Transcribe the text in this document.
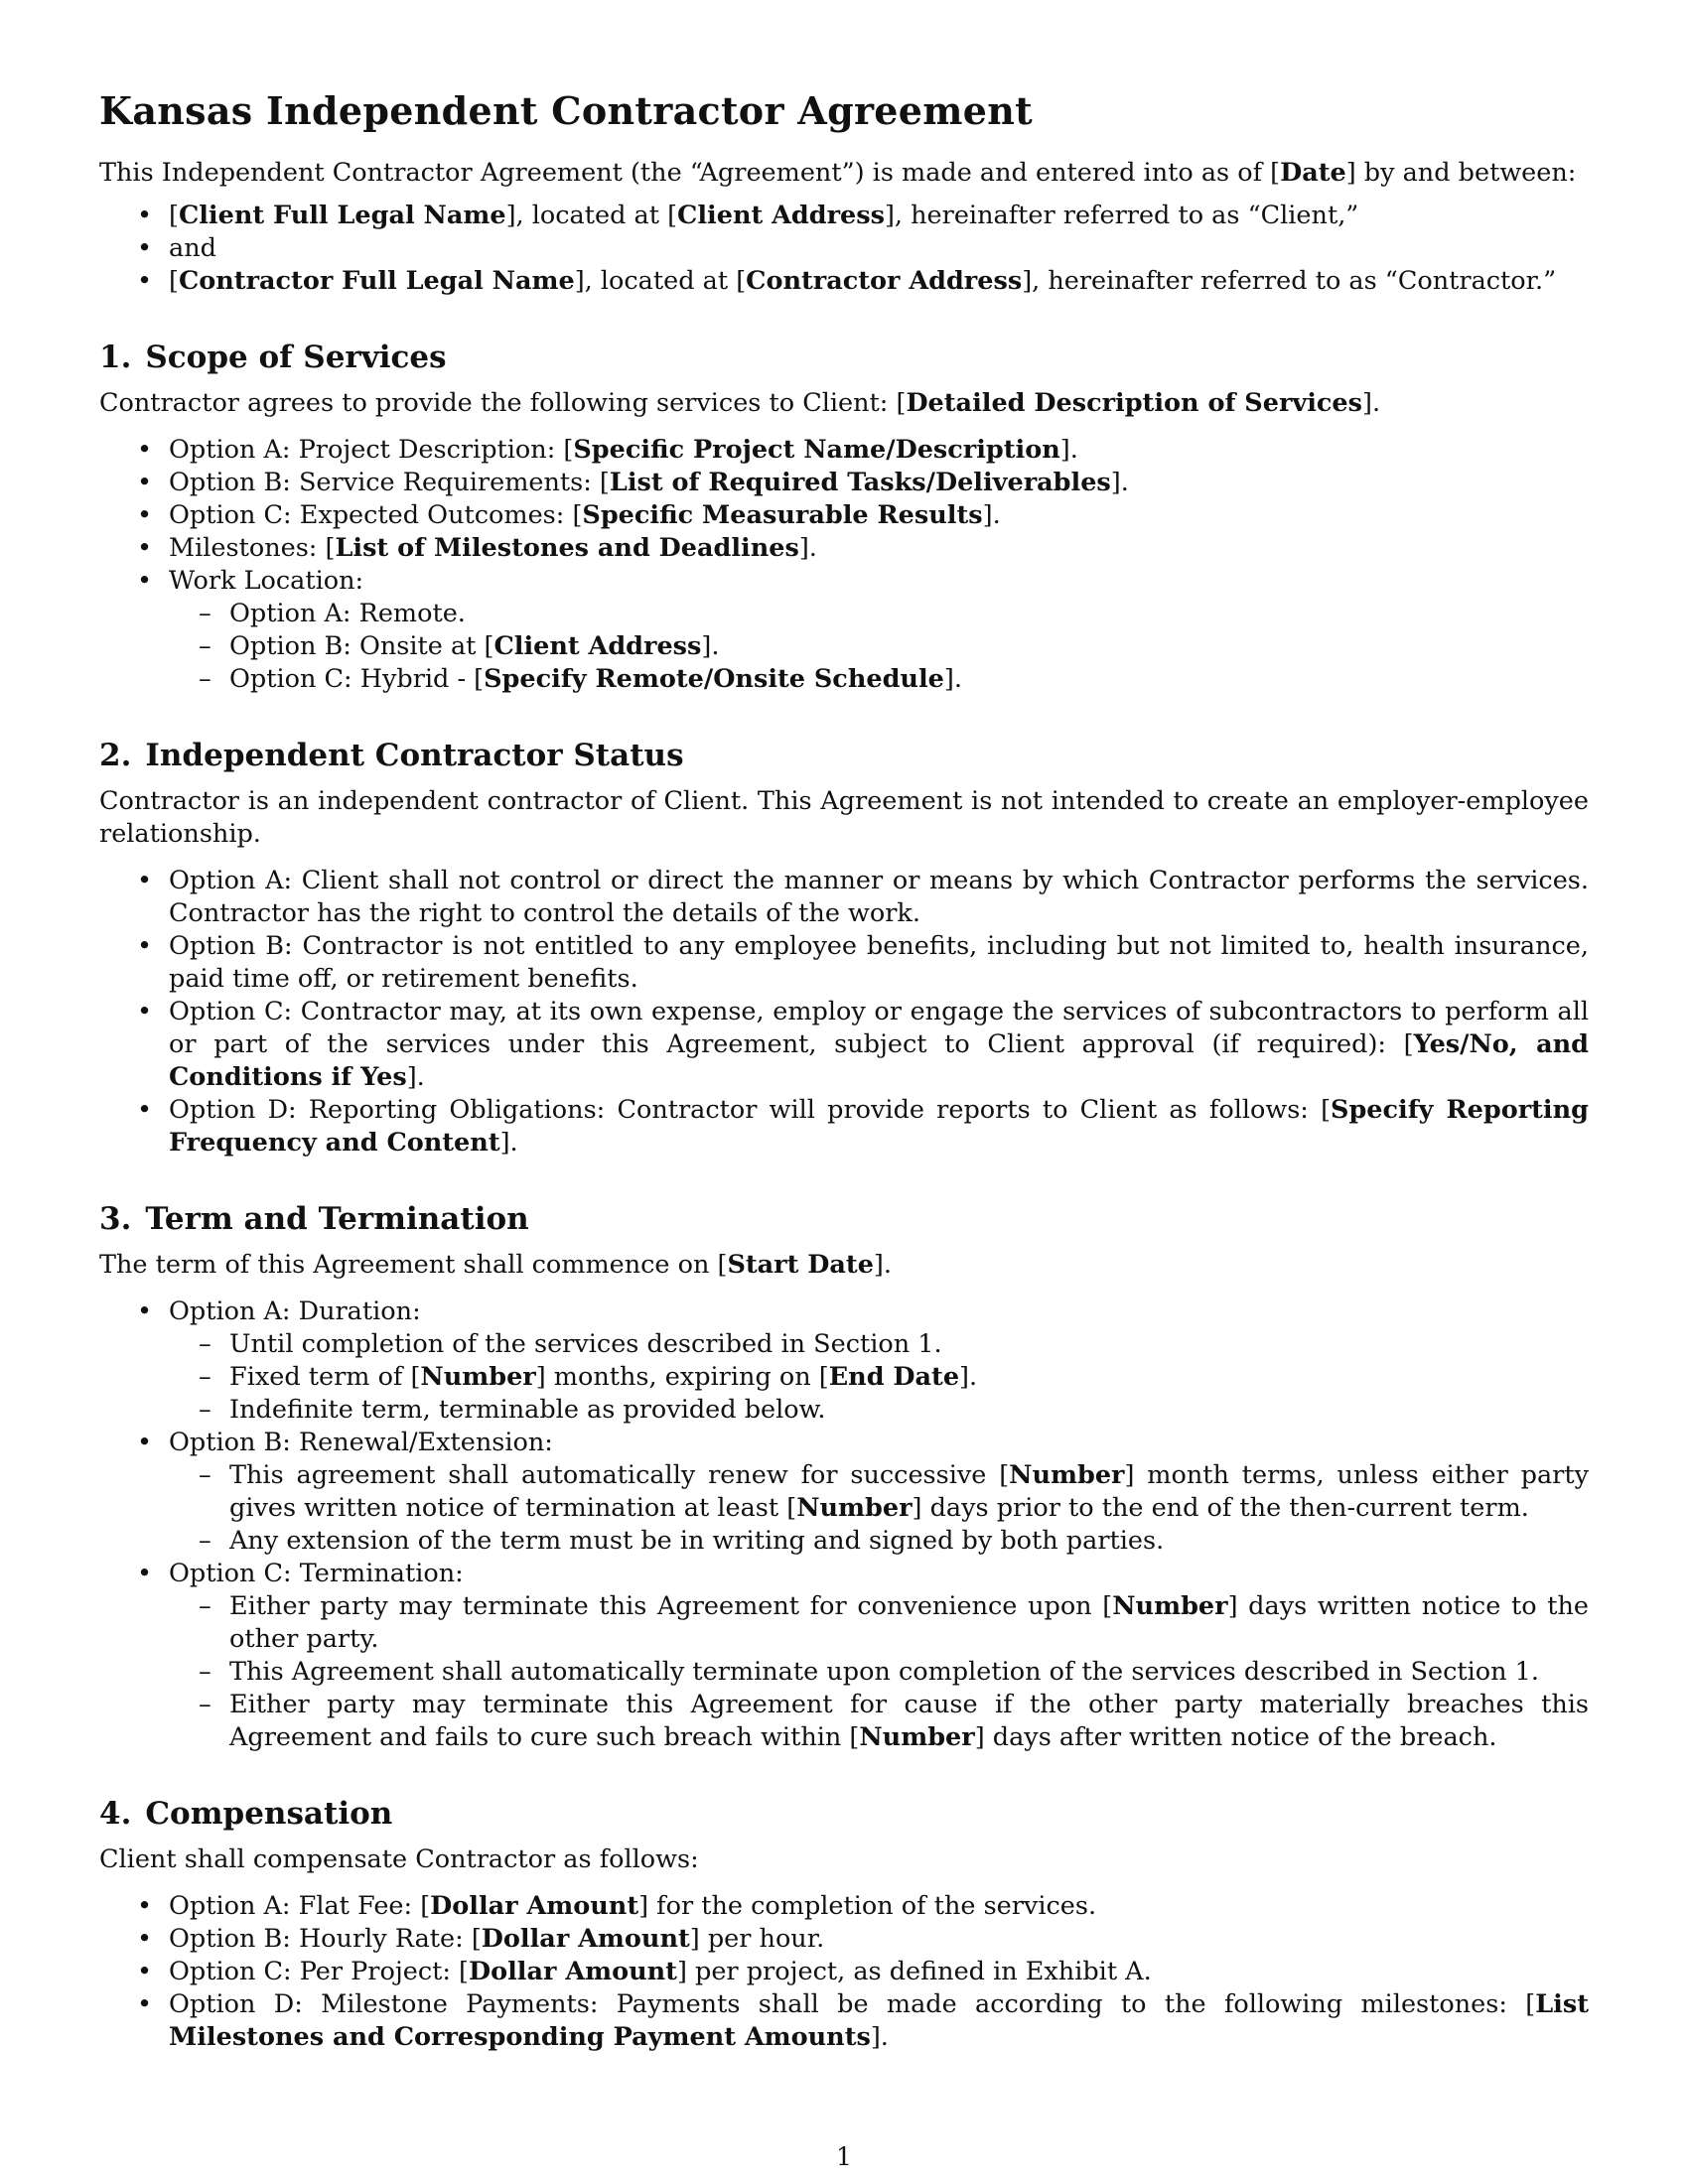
Kansas Independent Contractor Agreement

This Independent Contractor Agreement (the “Agreement”) is made and entered into as of [Date] by and between:

• [Client Full Legal Name], located at [Client Address], hereinafter referred to as “Client,”
• and
• [Contractor Full Legal Name], located at [Contractor Address], hereinafter referred to as “Contractor.”
1. Scope of Services

Contractor agrees to provide the following services to Client: [Detailed Description of Services].

• Option A: Project Description: [Specific Project Name/Description].
• Option B: Service Requirements: [List of Required Tasks/Deliverables].
• Option C: Expected Outcomes: [Specific Measurable Results].
• Milestones: [List of Milestones and Deadlines].
• Work Location:
– Option A: Remote.
– Option B: Onsite at [Client Address].
– Option C: Hybrid - [Specify Remote/Onsite Schedule].
2. Independent Contractor Status

Contractor is an independent contractor of Client. This Agreement is not intended to create an employer-employee relationship.

• Option A: Client shall not control or direct the manner or means by which Contractor performs the services. Contractor has the right to control the details of the work.
• Option B: Contractor is not entitled to any employee benefits, including but not limited to, health insurance, paid time off, or retirement benefits.
• Option C: Contractor may, at its own expense, employ or engage the services of subcontractors to perform all or part of the services under this Agreement, subject to Client approval (if required): [Yes/No, and Conditions if Yes].
• Option D: Reporting Obligations: Contractor will provide reports to Client as follows: [Specify Reporting Frequency and Content].
3. Term and Termination

The term of this Agreement shall commence on [Start Date].

• Option A: Duration:
– Until completion of the services described in Section 1.
– Fixed term of [Number] months, expiring on [End Date].
– Indefinite term, terminable as provided below.
• Option B: Renewal/Extension:
– This agreement shall automatically renew for successive [Number] month terms, unless either party gives written notice of termination at least [Number] days prior to the end of the then-current term.
– Any extension of the term must be in writing and signed by both parties.
• Option C: Termination:
– Either party may terminate this Agreement for convenience upon [Number] days written notice to the other party.
– This Agreement shall automatically terminate upon completion of the services described in Section 1.
– Either party may terminate this Agreement for cause if the other party materially breaches this Agreement and fails to cure such breach within [Number] days after written notice of the breach.
4. Compensation

Client shall compensate Contractor as follows:

• Option A: Flat Fee: [Dollar Amount] for the completion of the services.
• Option B: Hourly Rate: [Dollar Amount] per hour.
• Option C: Per Project: [Dollar Amount] per project, as defined in Exhibit A.
• Option D: Milestone Payments: Payments shall be made according to the following milestones: [List Milestones and Corresponding Payment Amounts].
1
